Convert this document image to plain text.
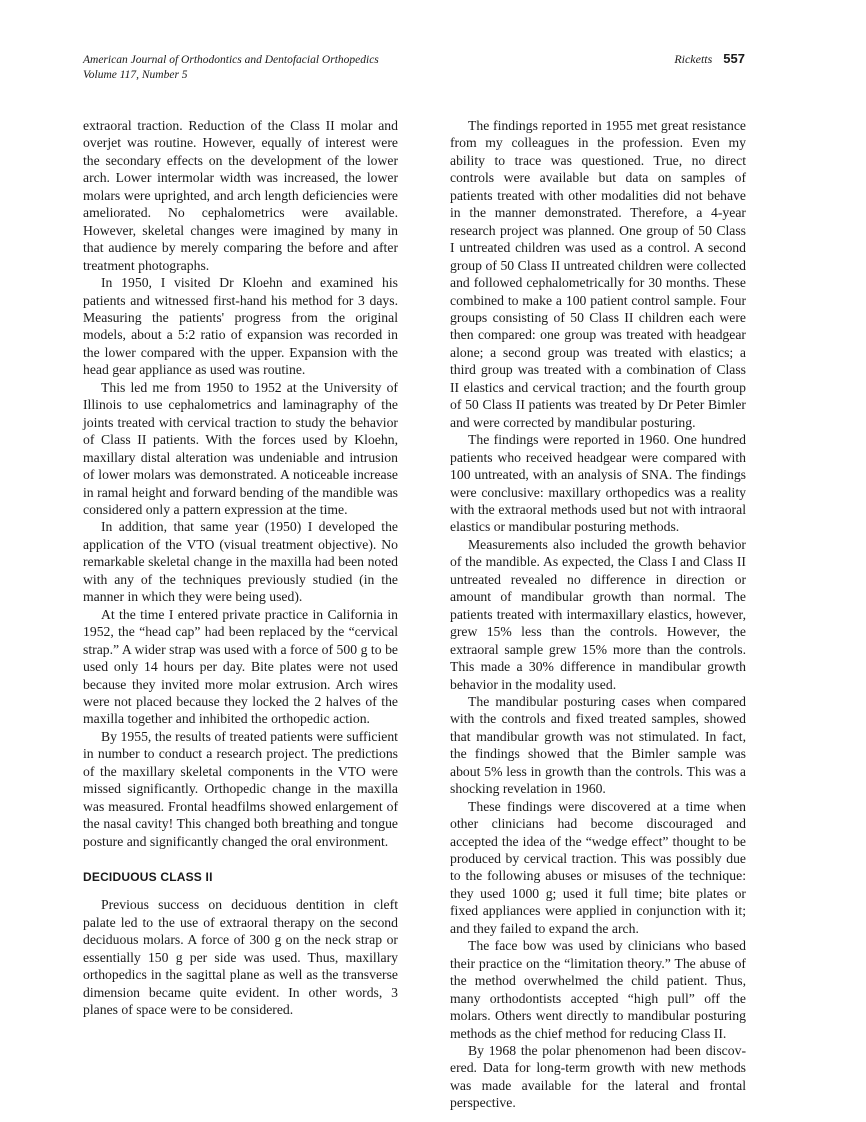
American Journal of Orthodontics and Dentofacial Orthopedics
Volume 117, Number 5
Ricketts 557

extraoral traction. Reduction of the Class II molar and overjet was routine. However, equally of interest were the secondary effects on the development of the lower arch. Lower intermolar width was increased, the lower molars were uprighted, and arch length deficiencies were ameliorated. No cephalometrics were available. However, skeletal changes were imagined by many in that audience by merely comparing the before and after treatment photographs.

In 1950, I visited Dr Kloehn and examined his patients and witnessed first-hand his method for 3 days. Measuring the patients' progress from the original models, about a 5:2 ratio of expansion was recorded in the lower compared with the upper. Expansion with the head gear appliance as used was routine.

This led me from 1950 to 1952 at the University of Illinois to use cephalometrics and laminagraphy of the joints treated with cervical traction to study the behavior of Class II patients. With the forces used by Kloehn, maxillary distal alteration was undeniable and intrusion of lower molars was demonstrated. A noticeable increase in ramal height and forward bending of the mandible was considered only a pattern expression at the time.

In addition, that same year (1950) I developed the application of the VTO (visual treatment objective). No remarkable skeletal change in the maxilla had been noted with any of the techniques previously studied (in the manner in which they were being used).

At the time I entered private practice in California in 1952, the “head cap” had been replaced by the “cervical strap.” A wider strap was used with a force of 500 g to be used only 14 hours per day. Bite plates were not used because they invited more molar extrusion. Arch wires were not placed because they locked the 2 halves of the maxilla together and inhibited the orthopedic action.

By 1955, the results of treated patients were sufficient in number to conduct a research project. The predictions of the maxillary skeletal components in the VTO were missed significantly. Orthopedic change in the maxilla was measured. Frontal headfilms showed enlargement of the nasal cavity! This changed both breathing and tongue posture and significantly changed the oral environment.

DECIDUOUS CLASS II

Previous success on deciduous dentition in cleft palate led to the use of extraoral therapy on the second deciduous molars. A force of 300 g on the neck strap or essentially 150 g per side was used. Thus, maxillary orthopedics in the sagittal plane as well as the transverse dimension became quite evident. In other words, 3 planes of space were to be considered.

The findings reported in 1955 met great resistance from my colleagues in the profession. Even my ability to trace was questioned. True, no direct controls were available but data on samples of patients treated with other modalities did not behave in the manner demonstrated. Therefore, a 4-year research project was planned. One group of 50 Class I untreated children was used as a control. A second group of 50 Class II untreated children were collected and followed cephalometrically for 30 months. These combined to make a 100 patient control sample. Four groups consisting of 50 Class II children each were then compared: one group was treated with headgear alone; a second group was treated with elastics; a third group was treated with a combination of Class II elastics and cervical traction; and the fourth group of 50 Class II patients was treated by Dr Peter Bimler and were corrected by mandibular posturing.

The findings were reported in 1960. One hundred patients who received headgear were compared with 100 untreated, with an analysis of SNA. The findings were conclusive: maxillary orthopedics was a reality with the extraoral methods used but not with intraoral elastics or mandibular posturing methods.

Measurements also included the growth behavior of the mandible. As expected, the Class I and Class II untreated revealed no difference in direction or amount of mandibular growth than normal. The patients treated with intermaxillary elastics, however, grew 15% less than the controls. However, the extraoral sample grew 15% more than the controls. This made a 30% difference in mandibular growth behavior in the modality used.

The mandibular posturing cases when compared with the controls and fixed treated samples, showed that mandibular growth was not stimulated. In fact, the findings showed that the Bimler sample was about 5% less in growth than the controls. This was a shocking revelation in 1960.

These findings were discovered at a time when other clinicians had become discouraged and accepted the idea of the “wedge effect” thought to be produced by cervical traction. This was possibly due to the following abuses or misuses of the technique: they used 1000 g; used it full time; bite plates or fixed appliances were applied in conjunction with it; and they failed to expand the arch.

The face bow was used by clinicians who based their practice on the “limitation theory.” The abuse of the method overwhelmed the child patient. Thus, many orthodontists accepted “high pull” off the molars. Others went directly to mandibular posturing methods as the chief method for reducing Class II.

By 1968 the polar phenomenon had been discovered. Data for long-term growth with new methods was made available for the lateral and frontal perspective.
